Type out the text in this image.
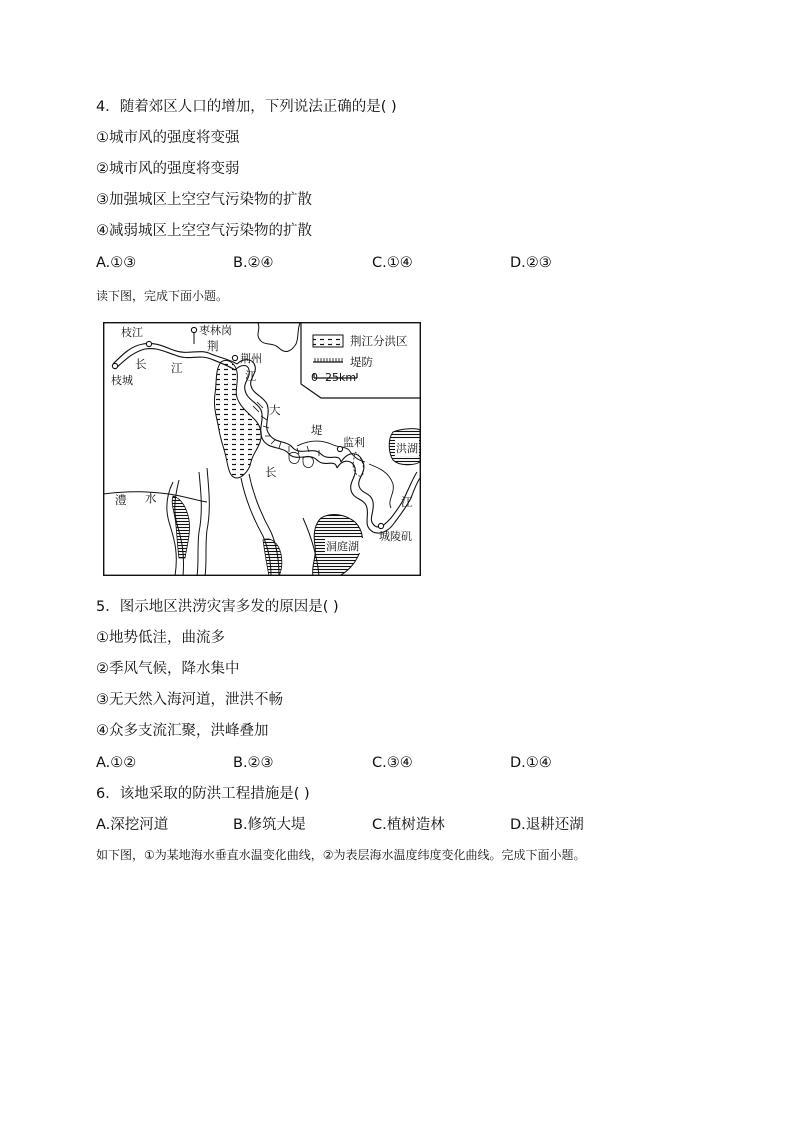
4．随着郊区人口的增加，下列说法正确的是( )
①城市风的强度将变强
②城市风的强度将变弱
③加强城区上空空气污染物的扩散
④减弱城区上空空气污染物的扩散
A.①③	B.②④	C.①④	D.②③
读下图，完成下面小题。
荆江分洪区
堤防
0 25km
枝江	枣林岗
荆
荆州
长 江
江
枝城
大
堤
监利	洪湖
长
江
澧 水
洞庭湖
城陵矶
5．图示地区洪涝灾害多发的原因是( )
①地势低洼，曲流多
②季风气候，降水集中
③无天然入海河道，泄洪不畅
④众多支流汇聚，洪峰叠加
A.①②	B.②③	C.③④	D.①④
6．该地采取的防洪工程措施是( )
A.深挖河道	B.修筑大堤	C.植树造林	D.退耕还湖
如下图，①为某地海水垂直水温变化曲线，②为表层海水温度纬度变化曲线。完成下面小题。
